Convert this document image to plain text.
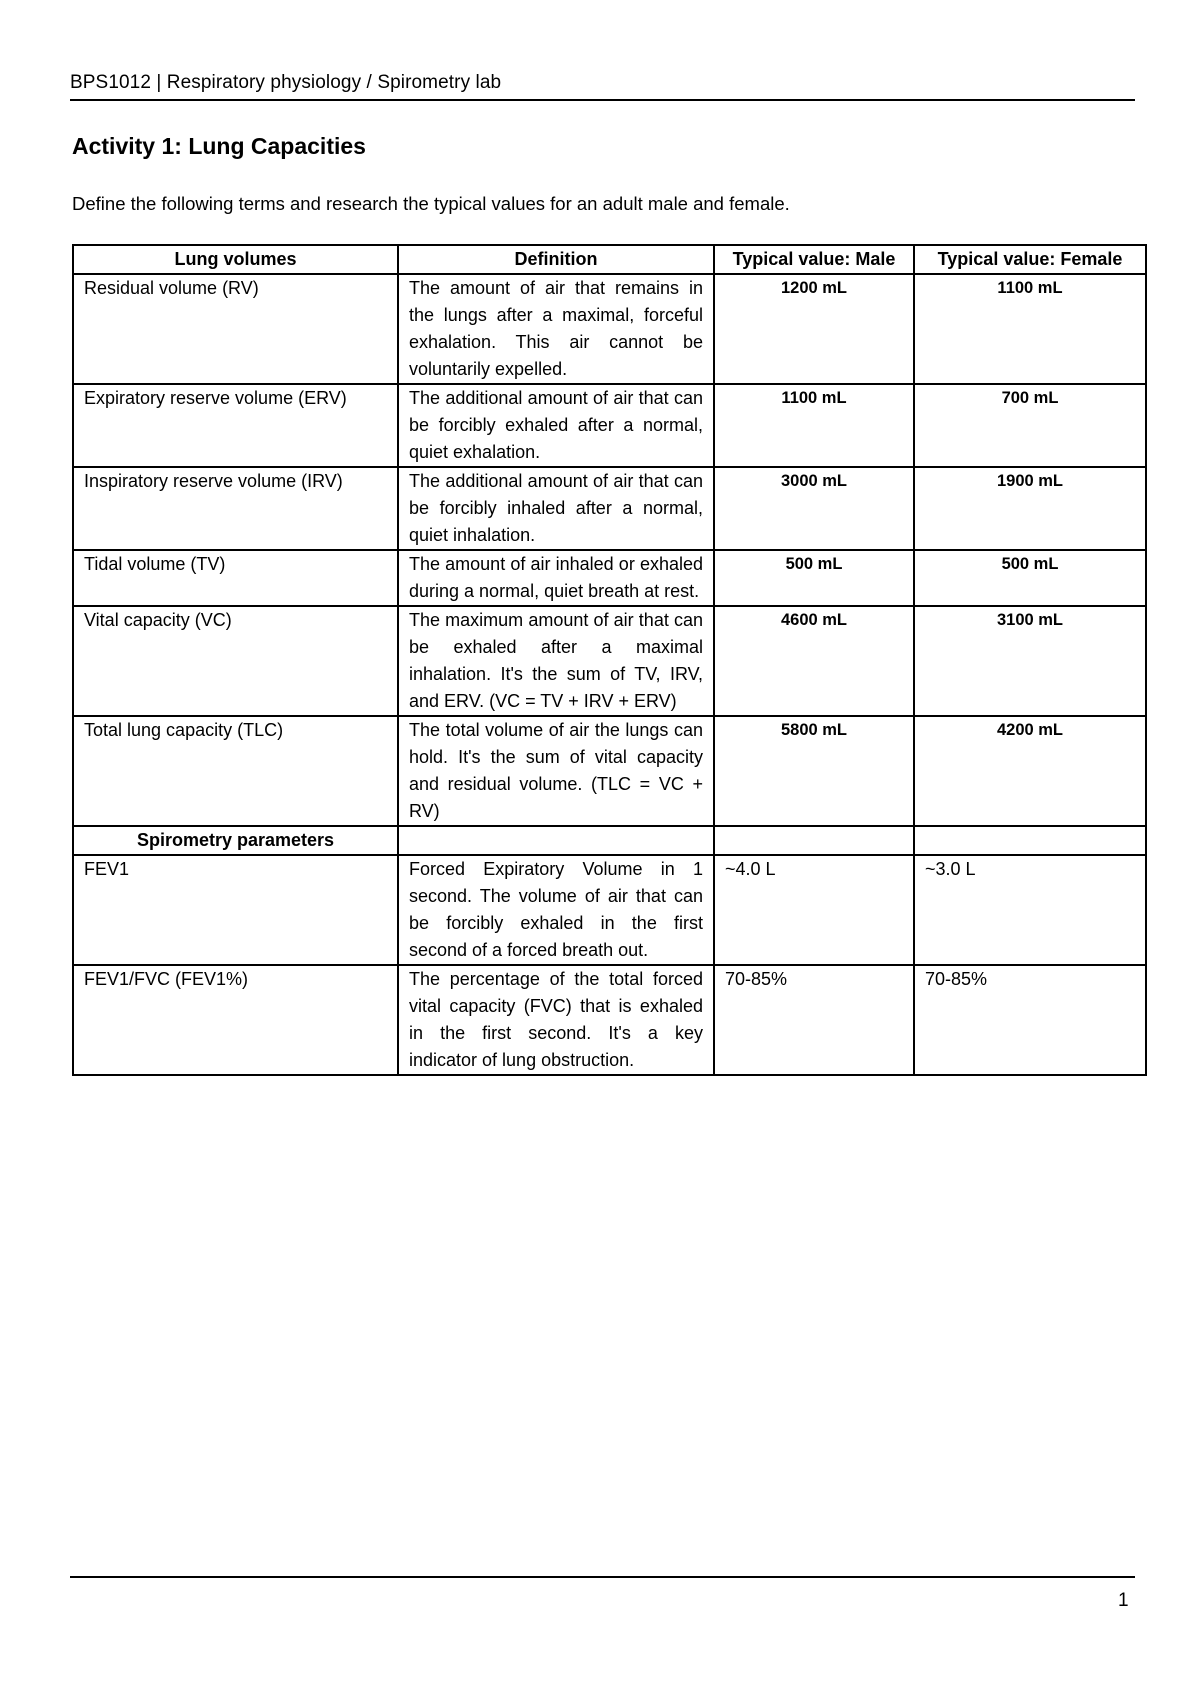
BPS1012 | Respiratory physiology / Spirometry lab
Activity 1: Lung Capacities
Define the following terms and research the typical values for an adult male and female.
Lung volumes	Definition	Typical value: Male	Typical value: Female
Residual volume (RV)	The amount of air that remains in the lungs after a maximal, forceful exhalation. This air cannot be voluntarily expelled.	1200 mL	1100 mL
Expiratory reserve volume (ERV)	The additional amount of air that can be forcibly exhaled after a normal, quiet exhalation.	1100 mL	700 mL
Inspiratory reserve volume (IRV)	The additional amount of air that can be forcibly inhaled after a normal, quiet inhalation.	3000 mL	1900 mL
Tidal volume (TV)	The amount of air inhaled or exhaled during a normal, quiet breath at rest.	500 mL	500 mL
Vital capacity (VC)	The maximum amount of air that can be exhaled after a maximal inhalation. It's the sum of TV, IRV, and ERV. (VC = TV + IRV + ERV)	4600 mL	3100 mL
Total lung capacity (TLC)	The total volume of air the lungs can hold. It's the sum of vital capacity and residual volume. (TLC = VC + RV)	5800 mL	4200 mL
Spirometry parameters			
FEV1	Forced Expiratory Volume in 1 second. The volume of air that can be forcibly exhaled in the first second of a forced breath out.	~4.0 L	~3.0 L
FEV1/FVC (FEV1%)	The percentage of the total forced vital capacity (FVC) that is exhaled in the first second. It's a key indicator of lung obstruction.	70-85%	70-85%
1
